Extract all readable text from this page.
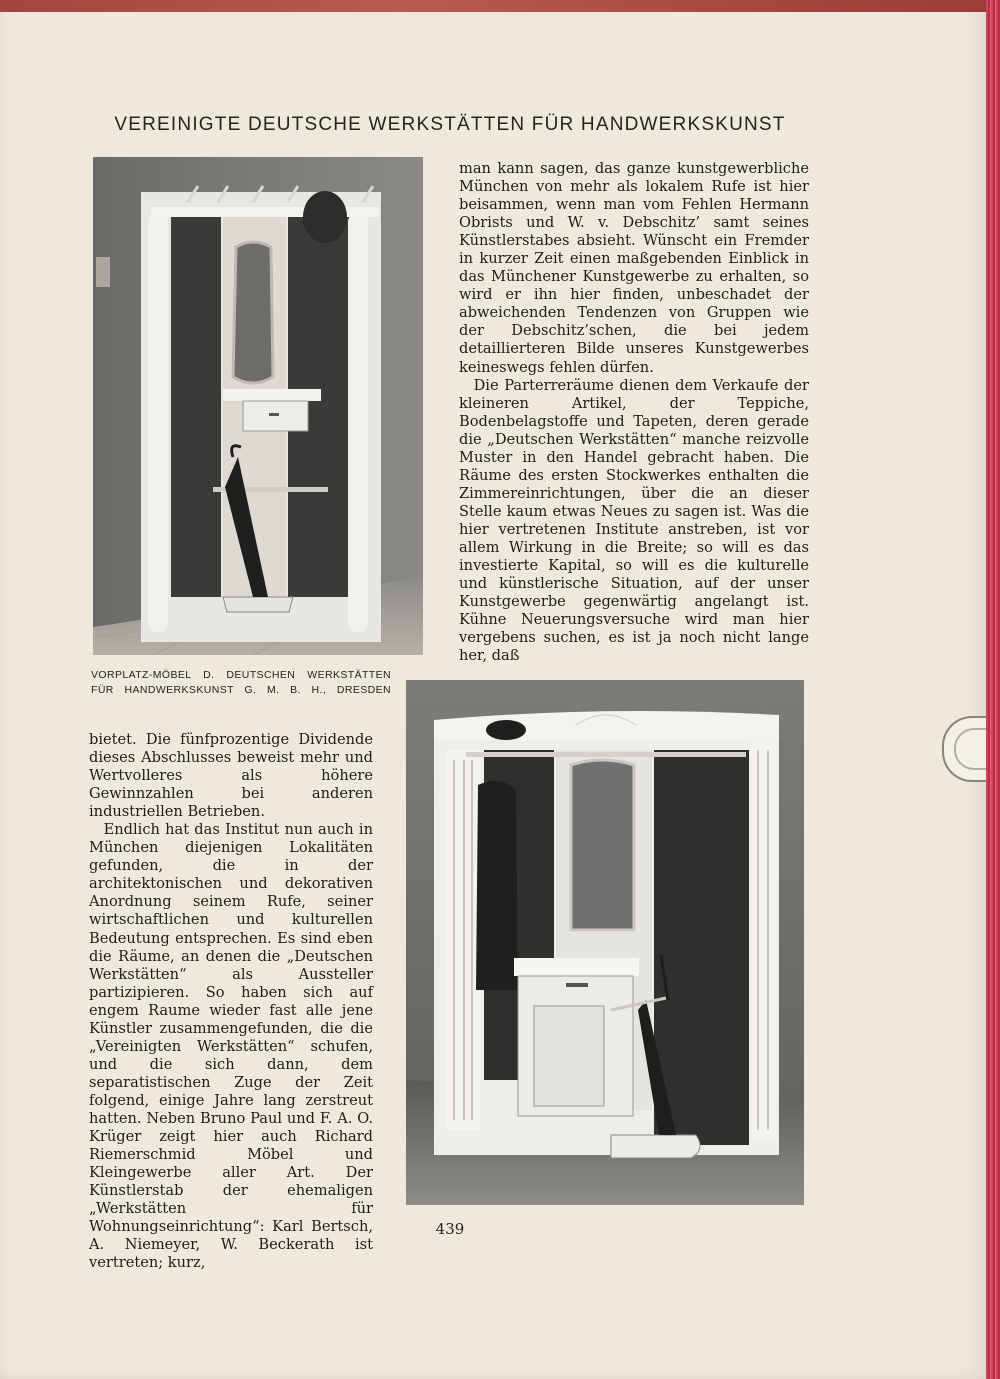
VEREINIGTE DEUTSCHE WERKSTÄTTEN FÜR HANDWERKSKUNST
VORPLATZ-MÖBEL D. DEUTSCHEN WERKSTÄTTEN
FÜR HANDWERKSKUNST G. M. B. H., DRESDEN

man kann sagen, das ganze kunstgewerbliche München von mehr als lokalem Rufe ist hier beisammen, wenn man vom Fehlen Hermann Obrists und W. v. Debschitz’ samt seines Künstlerstabes absieht. Wünscht ein Fremder in kurzer Zeit einen maßgebenden Einblick in das Münchener Kunstgewerbe zu erhalten, so wird er ihn hier finden, unbeschadet der abweichenden Tendenzen von Gruppen wie der Debschitz’schen, die bei jedem detaillierteren Bilde unseres Kunstgewerbes keineswegs fehlen dürfen.

Die Parterreräume dienen dem Verkaufe der kleineren Artikel, der Teppiche, Bodenbelagstoffe und Tapeten, deren gerade die „Deutschen Werkstätten“ manche reizvolle Muster in den Handel gebracht haben. Die Räume des ersten Stockwerkes enthalten die Zimmereinrichtungen, über die an dieser Stelle kaum etwas Neues zu sagen ist. Was die hier vertretenen Institute anstreben, ist vor allem Wirkung in die Breite; so will es das investierte Kapital, so will es die kulturelle und künstlerische Situation, auf der unser Kunstgewerbe gegenwärtig angelangt ist. Kühne Neuerungsversuche wird man hier vergebens suchen, es ist ja noch nicht lange her, daß

bietet. Die fünfprozentige Dividende dieses Abschlusses beweist mehr und Wertvolleres als höhere Gewinnzahlen bei anderen industriellen Betrieben.

Endlich hat das Institut nun auch in München diejenigen Lokalitäten gefunden, die in der architektonischen und dekorativen Anordnung seinem Rufe, seiner wirtschaftlichen und kulturellen Bedeutung entsprechen. Es sind eben die Räume, an denen die „Deutschen Werkstätten“ als Aussteller partizipieren. So haben sich auf engem Raume wieder fast alle jene Künstler zusammengefunden, die die „Vereinigten Werkstätten“ schufen, und die sich dann, dem separatistischen Zuge der Zeit folgend, einige Jahre lang zerstreut hatten. Neben Bruno Paul und F. A. O. Krüger zeigt hier auch Richard Riemerschmid Möbel und Kleingewerbe aller Art. Der Künstlerstab der ehemaligen „Werkstätten für Wohnungseinrichtung“: Karl Bertsch, A. Niemeyer, W. Beckerath ist vertreten; kurz,

439
